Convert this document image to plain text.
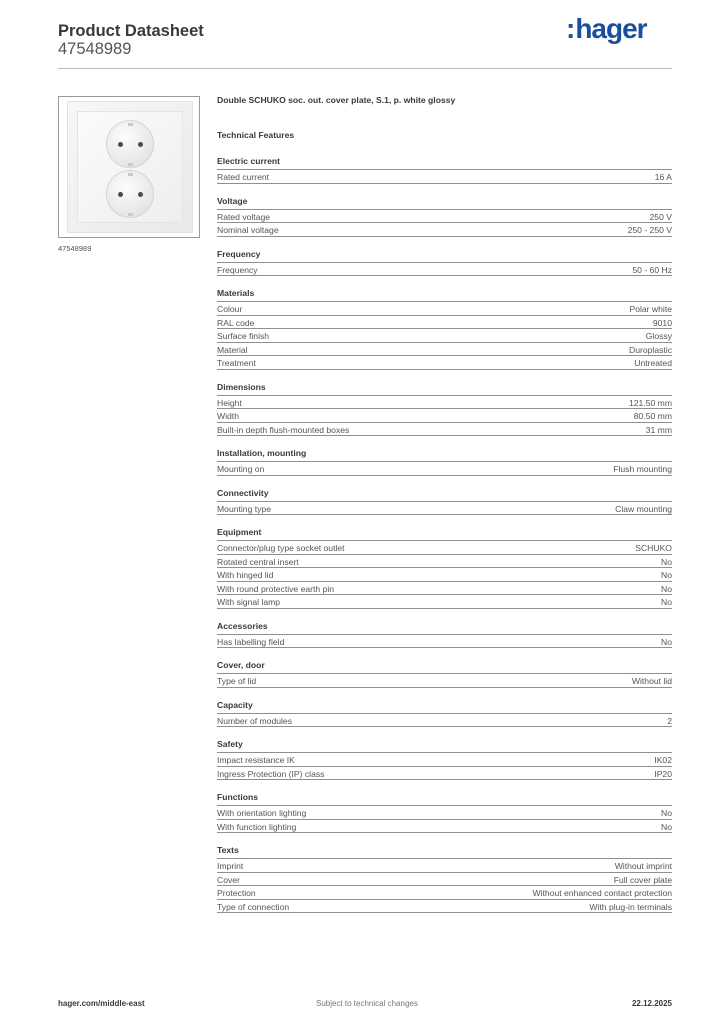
Product Datasheet
47548989
:hager
47548989
Double SCHUKO soc. out. cover plate, S.1, p. white glossy
Technical Features
Electric current
Rated current	16 A
Voltage
Rated voltage	250 V
Nominal voltage	250 - 250 V
Frequency
Frequency	50 - 60 Hz
Materials
Colour	Polar white
RAL code	9010
Surface finish	Glossy
Material	Duroplastic
Treatment	Untreated
Dimensions
Height	121.50 mm
Width	80.50 mm
Built-in depth flush-mounted boxes	31 mm
Installation, mounting
Mounting on	Flush mounting
Connectivity
Mounting type	Claw mounting
Equipment
Connector/plug type socket outlet	SCHUKO
Rotated central insert	No
With hinged lid	No
With round protective earth pin	No
With signal lamp	No
Accessories
Has labelling field	No
Cover, door
Type of lid	Without lid
Capacity
Number of modules	2
Safety
Impact resistance IK	IK02
Ingress Protection (IP) class	IP20
Functions
With orientation lighting	No
With function lighting	No
Texts
Imprint	Without imprint
Cover	Full cover plate
Protection	Without enhanced contact protection
Type of connection	With plug-in terminals
hager.com/middle-east	Subject to technical changes	22.12.2025
